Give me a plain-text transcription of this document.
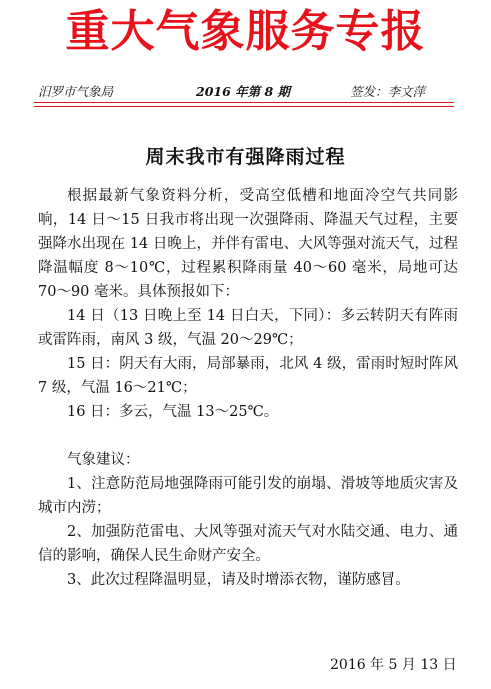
重大气象服务专报
汨罗市气象局	2016 年第 8 期	签发：李文萍
周末我市有强降雨过程

根据最新气象资料分析，受高空低槽和地面冷空气共同影响，14 日～15 日我市将出现一次强降雨、降温天气过程，主要强降水出现在 14 日晚上，并伴有雷电、大风等强对流天气，过程降温幅度 8～10℃，过程累积降雨量 40～60 毫米，局地可达 70～90 毫米。具体预报如下：

14 日（13 日晚上至 14 日白天，下同）：多云转阴天有阵雨或雷阵雨，南风 3 级，气温 20～29℃；

15 日：阴天有大雨，局部暴雨，北风 4 级，雷雨时短时阵风 7 级，气温 16～21℃；

16 日：多云，气温 13～25℃。

气象建议：

1、注意防范局地强降雨可能引发的崩塌、滑坡等地质灾害及城市内涝；

2、加强防范雷电、大风等强对流天气对水陆交通、电力、通信的影响，确保人民生命财产安全。

3、此次过程降温明显，请及时增添衣物，谨防感冒。

2016 年 5 月 13 日
